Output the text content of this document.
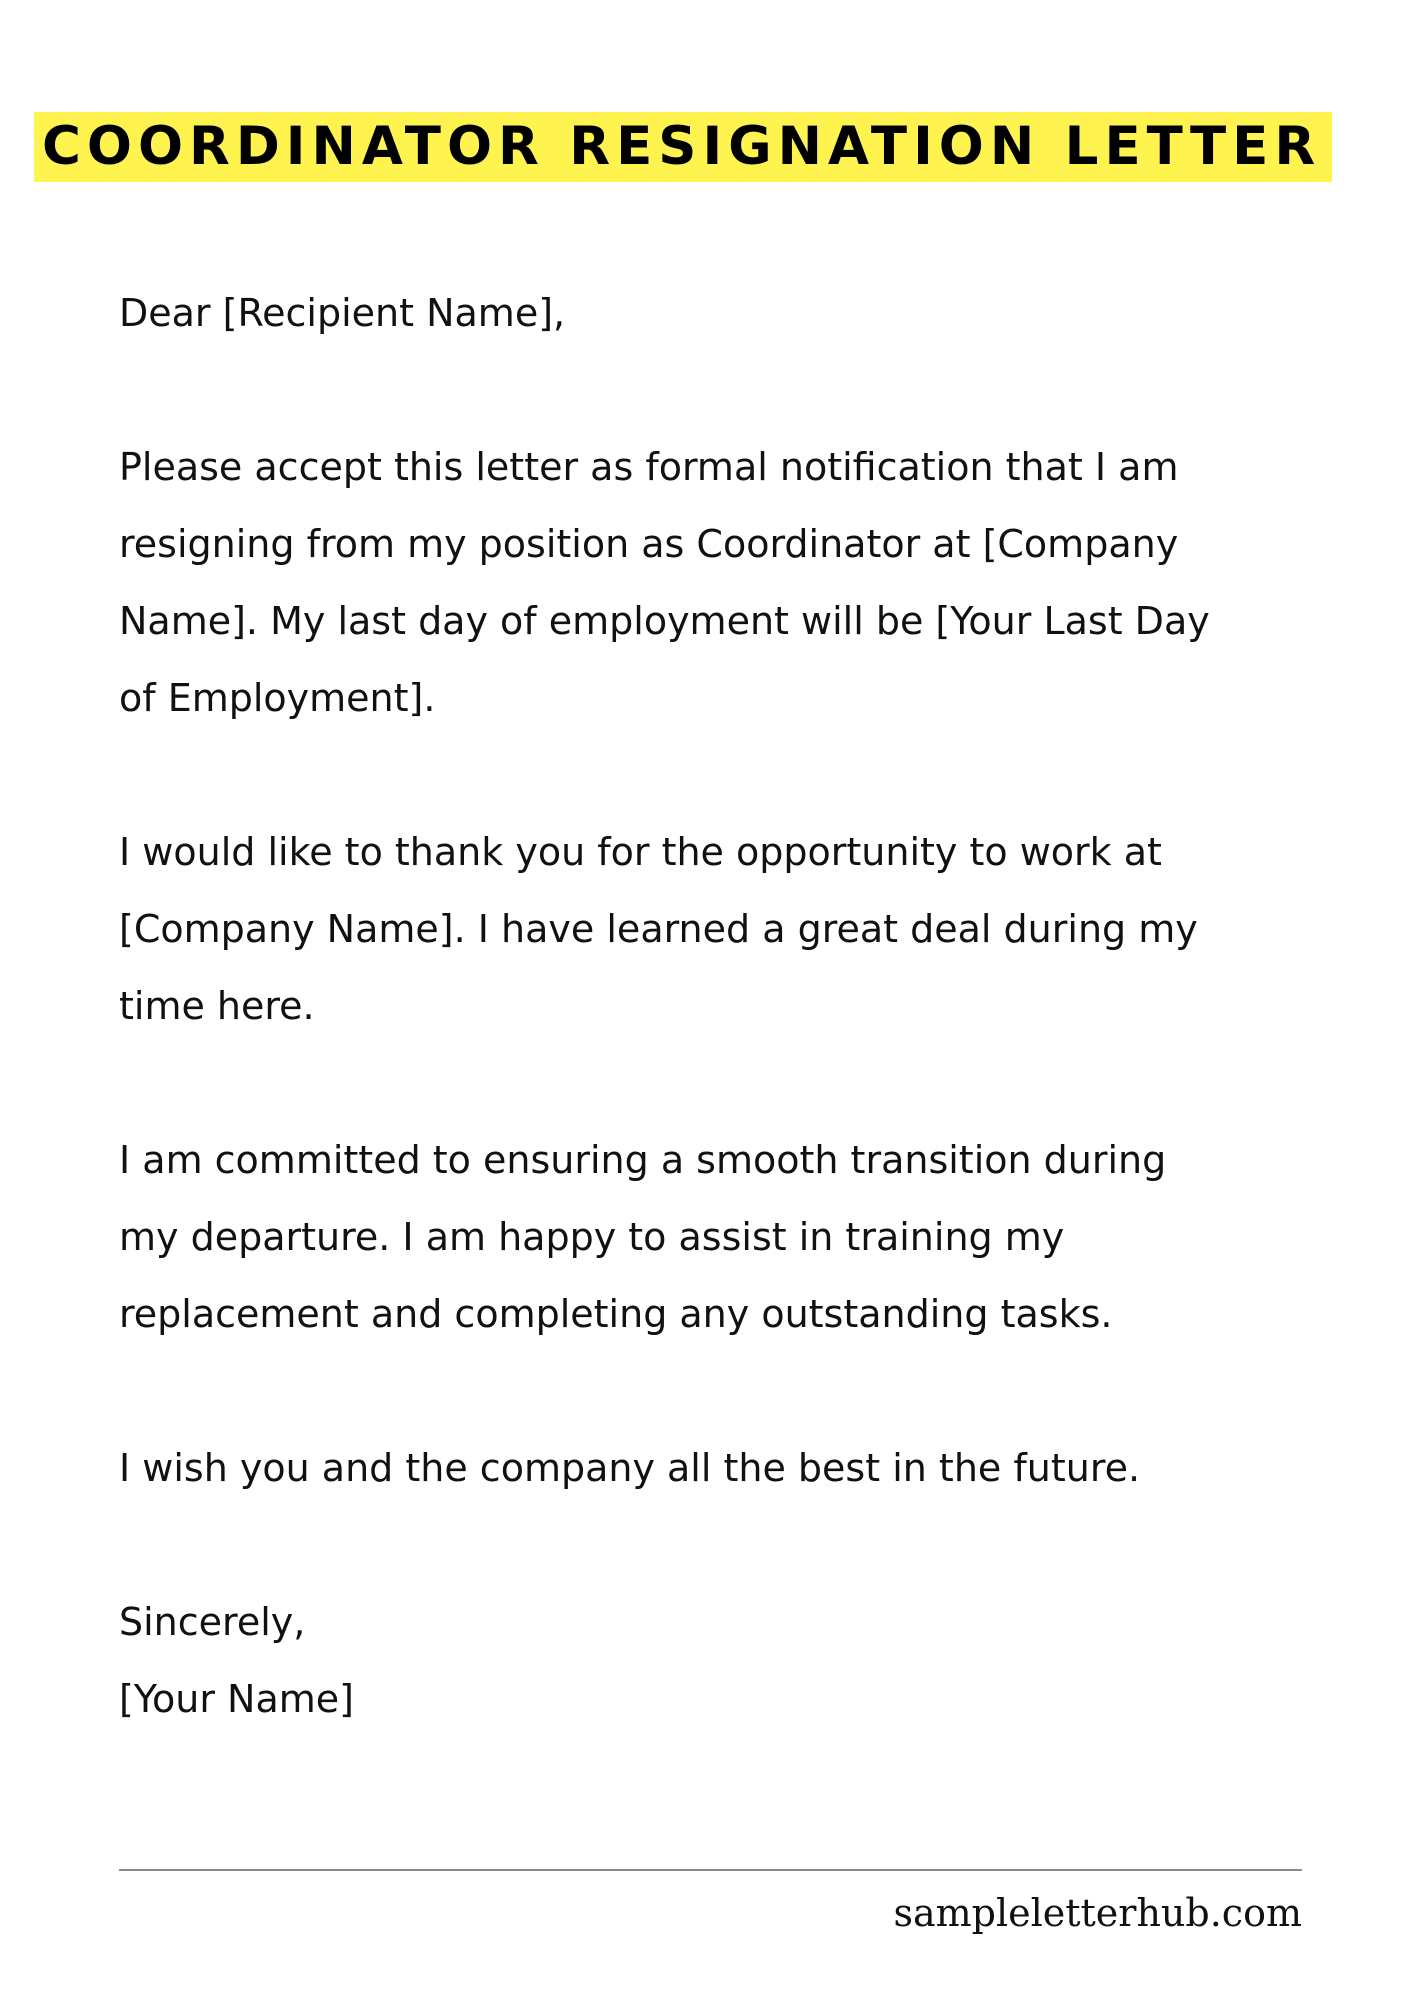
COORDINATOR RESIGNATION LETTER

Dear [Recipient Name],

Please accept this letter as formal notification that I am

resigning from my position as Coordinator at [Company

Name]. My last day of employment will be [Your Last Day

of Employment].

I would like to thank you for the opportunity to work at

[Company Name]. I have learned a great deal during my

time here.

I am committed to ensuring a smooth transition during

my departure. I am happy to assist in training my

replacement and completing any outstanding tasks.

I wish you and the company all the best in the future.

Sincerely,

[Your Name]

sampleletterhub.com
